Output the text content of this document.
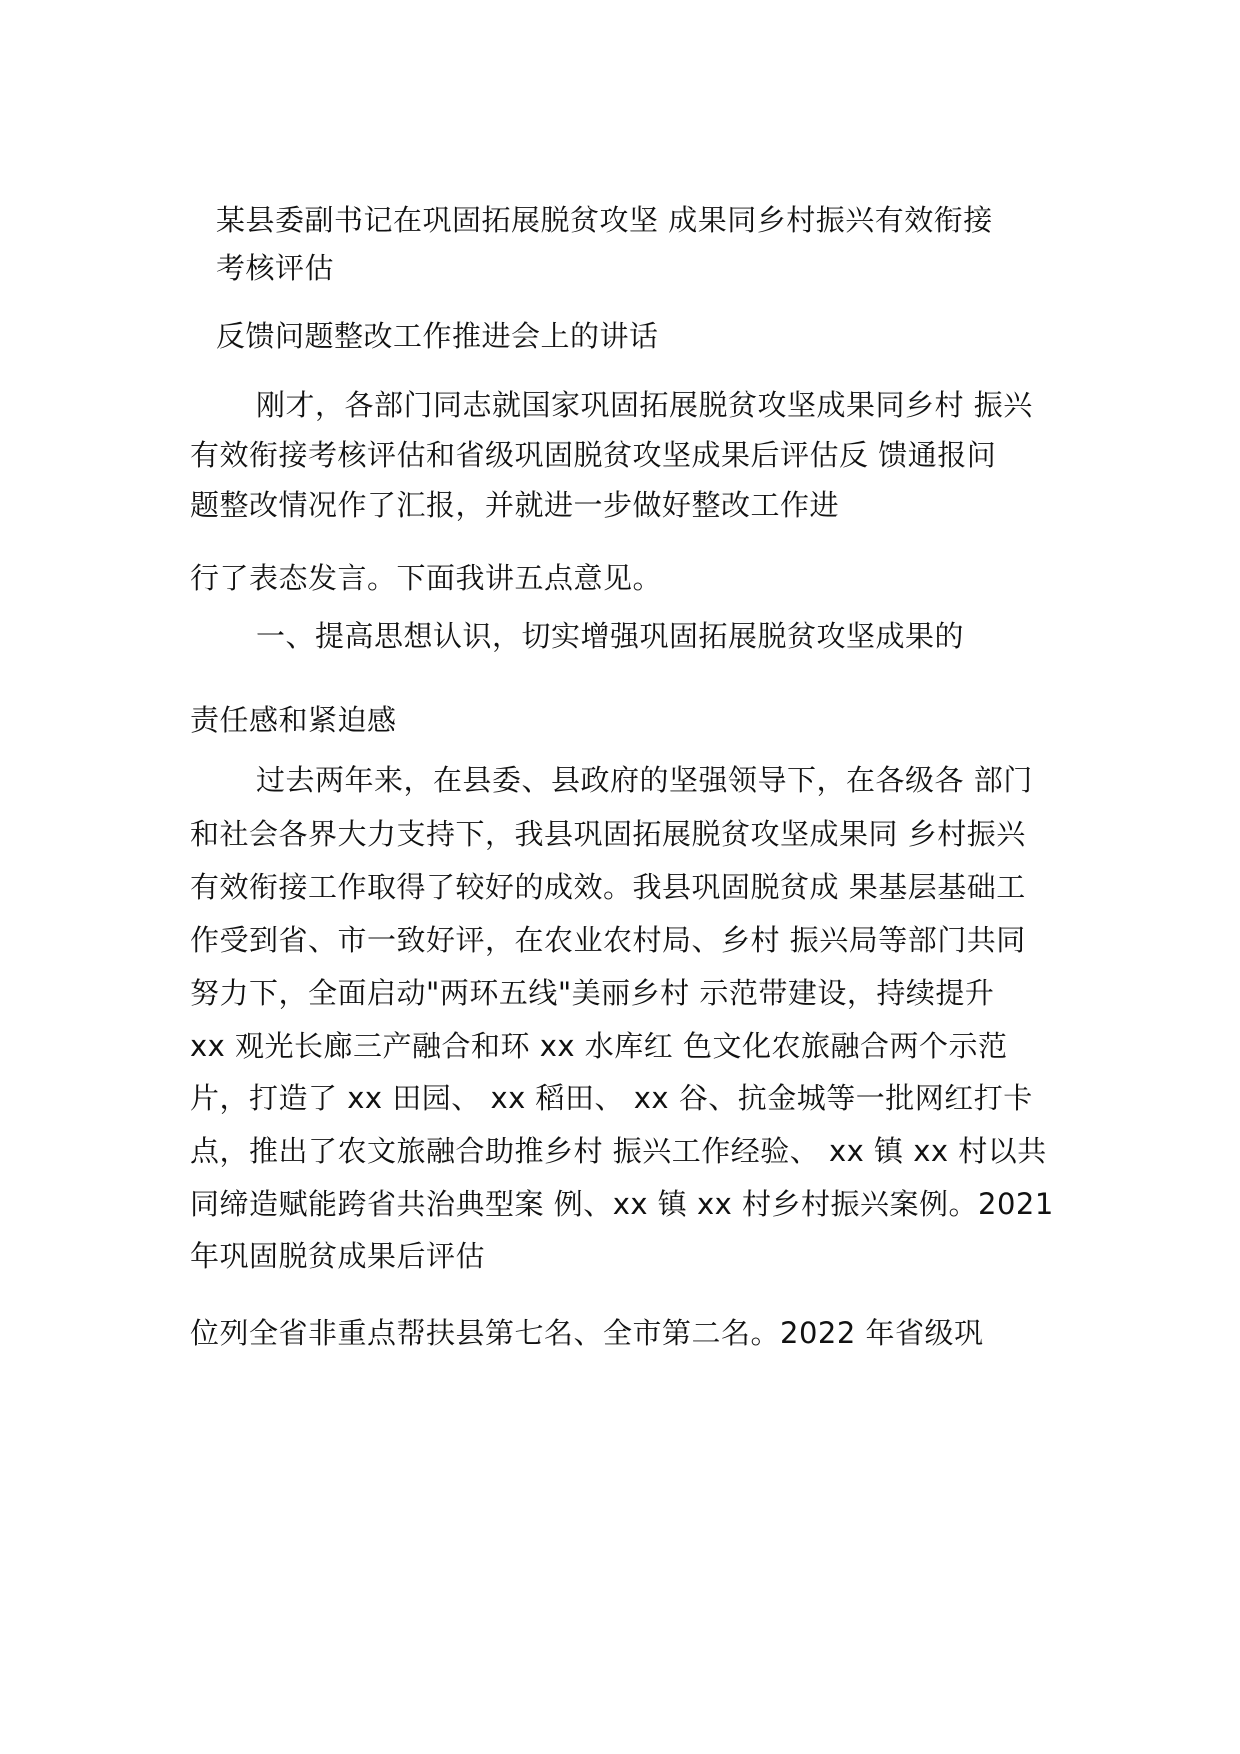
某县委副书记在巩固拓展脱贫攻坚 成果同乡村振兴有效衔接
考核评估
反馈问题整改工作推进会上的讲话
刚才，各部门同志就国家巩固拓展脱贫攻坚成果同乡村 振兴
有效衔接考核评估和省级巩固脱贫攻坚成果后评估反 馈通报问
题整改情况作了汇报，并就进一步做好整改工作进
行了表态发言。下面我讲五点意见。
一、提高思想认识，切实增强巩固拓展脱贫攻坚成果的
责任感和紧迫感
过去两年来，在县委、县政府的坚强领导下，在各级各 部门
和社会各界大力支持下，我县巩固拓展脱贫攻坚成果同 乡村振兴
有效衔接工作取得了较好的成效。我县巩固脱贫成 果基层基础工
作受到省、市一致好评，在农业农村局、乡村 振兴局等部门共同
努力下，全面启动"两环五线"美丽乡村 示范带建设，持续提升
xx 观光长廊三产融合和环 xx 水库红 色文化农旅融合两个示范
片，打造了 xx 田园、 xx 稻田、 xx 谷、抗金城等一批网红打卡
点，推出了农文旅融合助推乡村 振兴工作经验、 xx 镇 xx 村以共
同缔造赋能跨省共治典型案 例、xx 镇 xx 村乡村振兴案例。2021
年巩固脱贫成果后评估
位列全省非重点帮扶县第七名、全市第二名。2022 年省级巩
